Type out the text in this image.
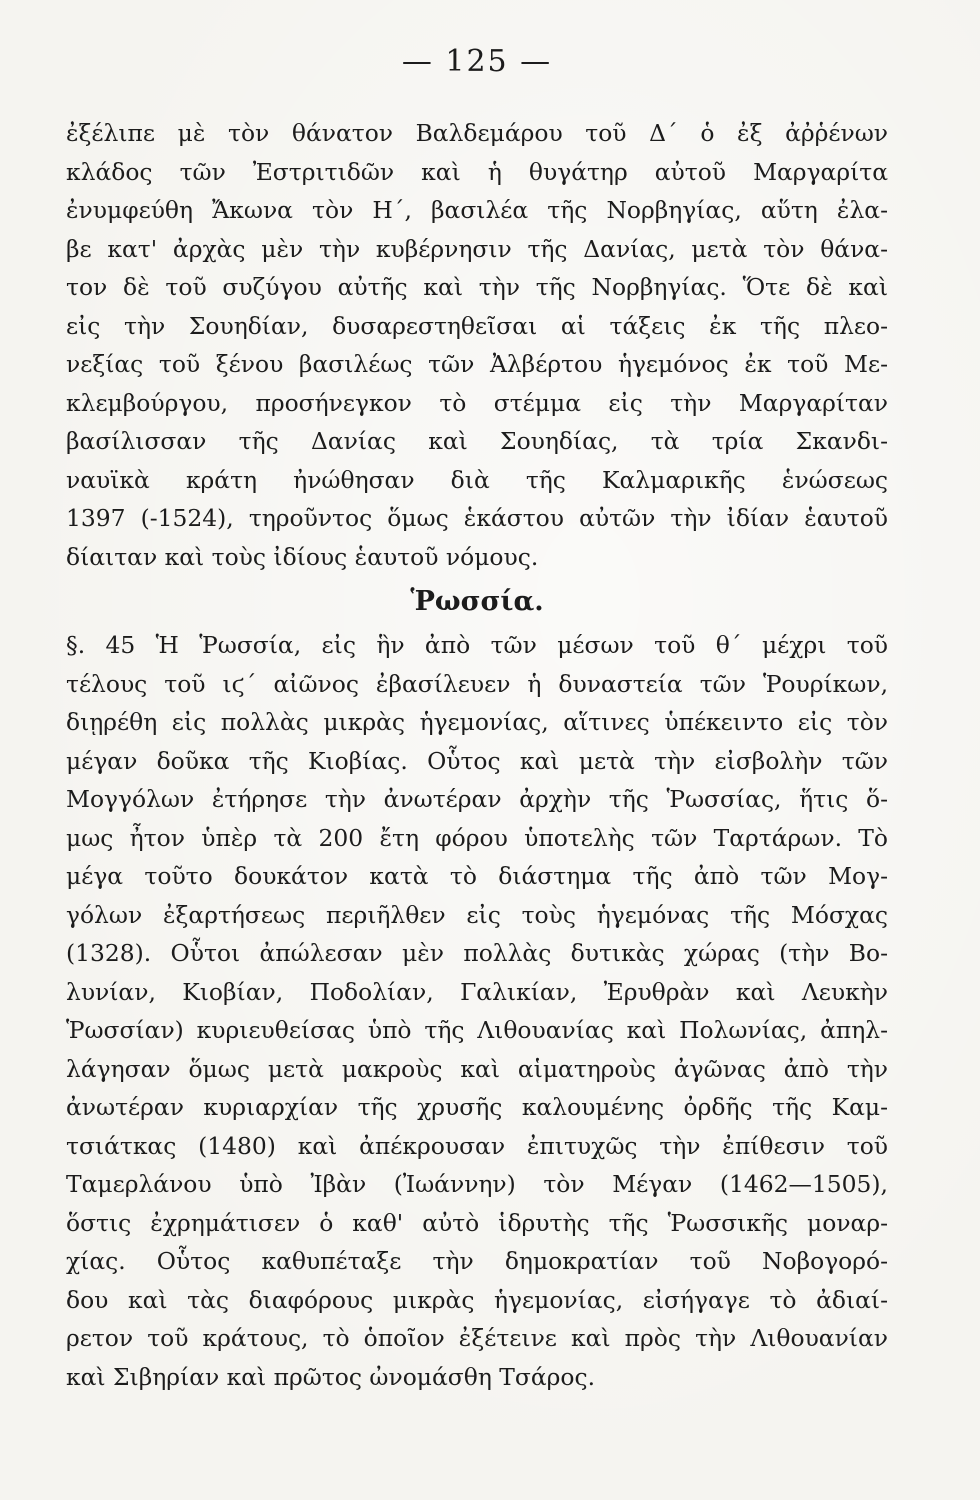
— 125 —
ἐξέλιπε μὲ τὸν θάνατον Βαλδεμάρου τοῦ Δ΄ ὁ ἐξ ἀῤῥένων
κλάδος τῶν Ἐστριτιδῶν καὶ ἡ θυγάτηρ αὐτοῦ Μαργαρίτα
ἐνυμφεύθη Ἄκωνα τὸν Η΄, βασιλέα τῆς Νορβηγίας, αὕτη ἐλα-
βε κατ' ἀρχὰς μὲν τὴν κυβέρνησιν τῆς Δανίας, μετὰ τὸν θάνα-
τον δὲ τοῦ συζύγου αὐτῆς καὶ τὴν τῆς Νορβηγίας. Ὅτε δὲ καὶ
εἰς τὴν Σουηδίαν, δυσαρεστηθεῖσαι αἱ τάξεις ἐκ τῆς πλεο-
νεξίας τοῦ ξένου βασιλέως τῶν Ἀλβέρτου ἡγεμόνος ἐκ τοῦ Με-
κλεμβούργου, προσήνεγκον τὸ στέμμα εἰς τὴν Μαργαρίταν
βασίλισσαν τῆς Δανίας καὶ Σουηδίας, τὰ τρία Σκανδι-
ναυϊκὰ κράτη ἠνώθησαν διὰ τῆς Καλμαρικῆς ἑνώσεως
1397 (-1524), τηροῦντος ὅμως ἑκάστου αὐτῶν τὴν ἰδίαν ἑαυτοῦ
δίαιταν καὶ τοὺς ἰδίους ἑαυτοῦ νόμους.
Ῥωσσία.
§. 45 Ἡ Ῥωσσία, εἰς ἣν ἀπὸ τῶν μέσων τοῦ θ΄ μέχρι τοῦ
τέλους τοῦ ιϛ΄ αἰῶνος ἐβασίλευεν ἡ δυναστεία τῶν Ῥουρίκων,
διῃρέθη εἰς πολλὰς μικρὰς ἡγεμονίας, αἵτινες ὑπέκειντο εἰς τὸν
μέγαν δοῦκα τῆς Κιοβίας. Οὗτος καὶ μετὰ τὴν εἰσβολὴν τῶν
Μογγόλων ἐτήρησε τὴν ἀνωτέραν ἀρχὴν τῆς Ῥωσσίας, ἥτις ὅ-
μως ἦτον ὑπὲρ τὰ 200 ἔτη φόρου ὑποτελὴς τῶν Ταρτάρων. Τὸ
μέγα τοῦτο δουκάτον κατὰ τὸ διάστημα τῆς ἀπὸ τῶν Μογ-
γόλων ἐξαρτήσεως περιῆλθεν εἰς τοὺς ἡγεμόνας τῆς Μόσχας
(1328). Οὗτοι ἀπώλεσαν μὲν πολλὰς δυτικὰς χώρας (τὴν Βο-
λυνίαν, Κιοβίαν, Ποδολίαν, Γαλικίαν, Ἐρυθρὰν καὶ Λευκὴν
Ῥωσσίαν) κυριευθείσας ὑπὸ τῆς Λιθουανίας καὶ Πολωνίας, ἀπηλ-
λάγησαν ὅμως μετὰ μακροὺς καὶ αἱματηροὺς ἀγῶνας ἀπὸ τὴν
ἀνωτέραν κυριαρχίαν τῆς χρυσῆς καλουμένης ὀρδῆς τῆς Καμ-
τσιάτκας (1480) καὶ ἀπέκρουσαν ἐπιτυχῶς τὴν ἐπίθεσιν τοῦ
Ταμερλάνου ὑπὸ Ἰβὰν (Ἰωάννην) τὸν Μέγαν (1462—1505),
ὅστις ἐχρημάτισεν ὁ καθ' αὐτὸ ἱδρυτὴς τῆς Ῥωσσικῆς μοναρ-
χίας. Οὗτος καθυπέταξε τὴν δημοκρατίαν τοῦ Νοβογορό-
δου καὶ τὰς διαφόρους μικρὰς ἡγεμονίας, εἰσήγαγε τὸ ἀδιαί-
ρετον τοῦ κράτους, τὸ ὁποῖον ἐξέτεινε καὶ πρὸς τὴν Λιθουανίαν
καὶ Σιβηρίαν καὶ πρῶτος ὠνομάσθη Τσάρος.
